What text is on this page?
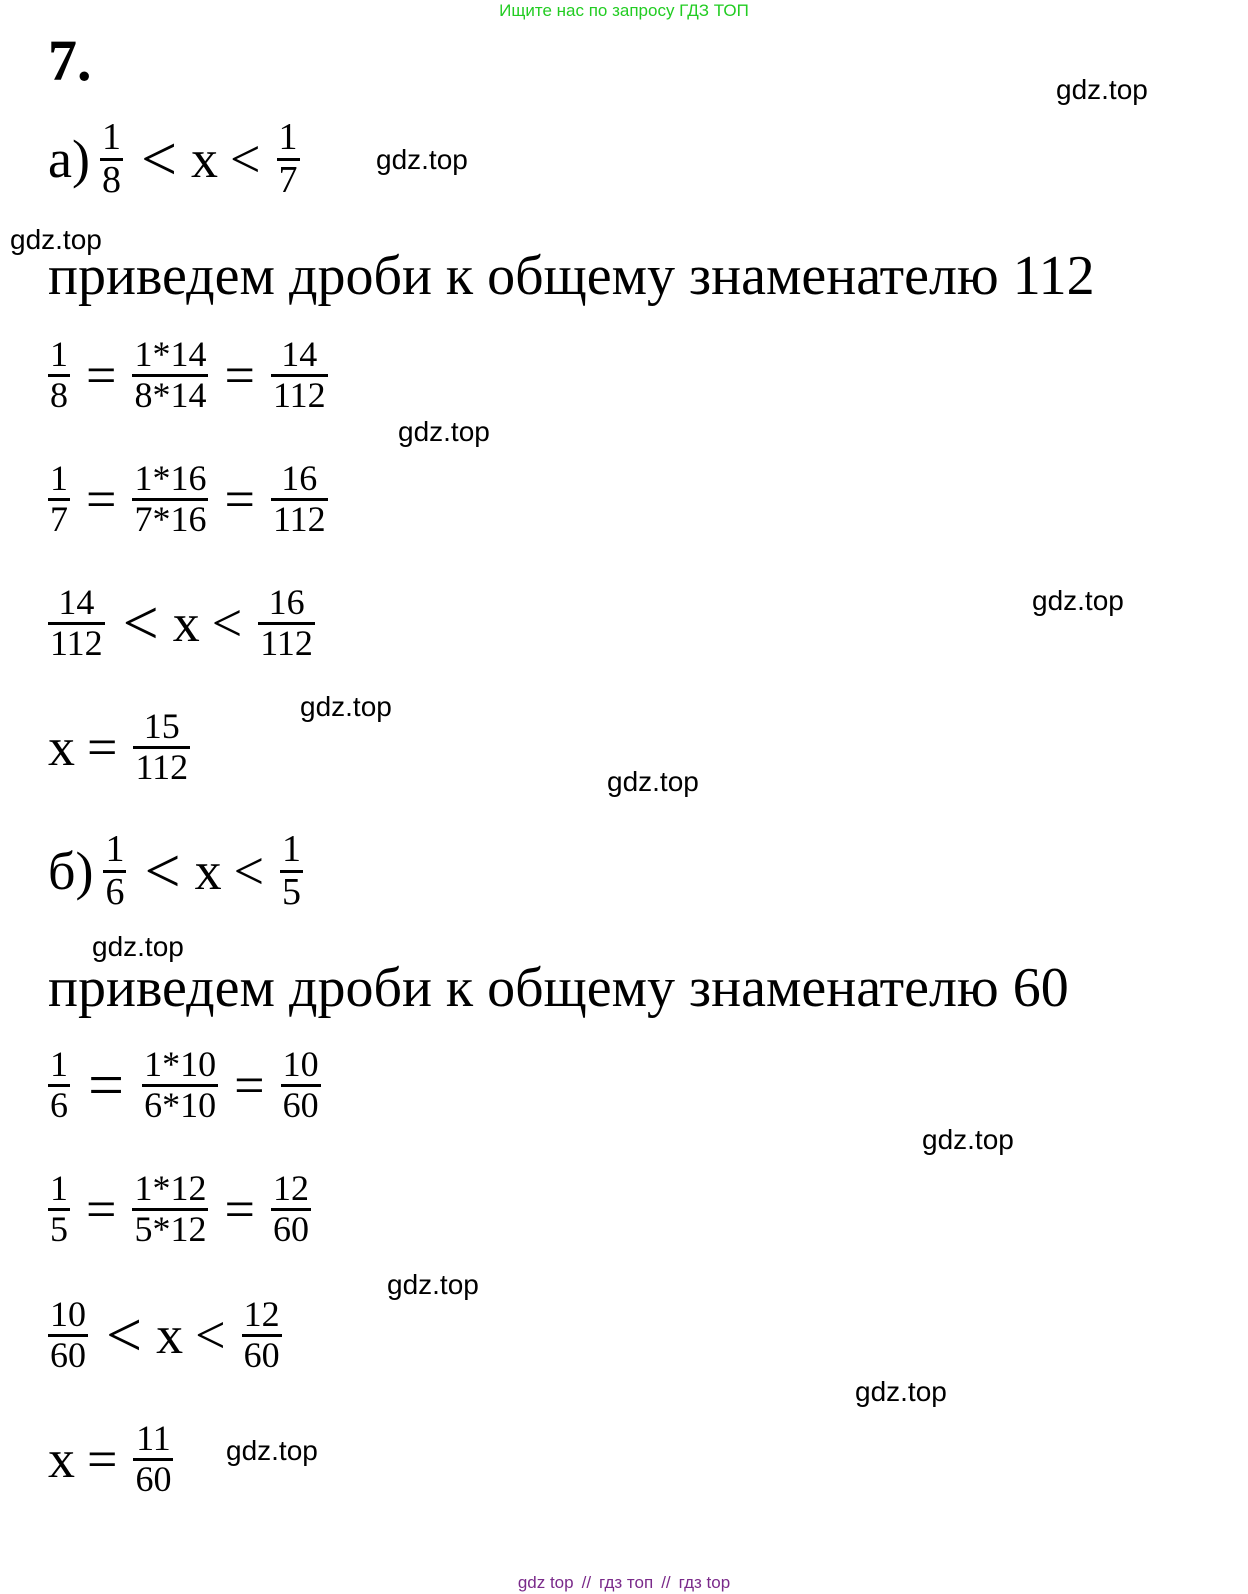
Ищите нас по запросу ГДЗ ТОП
7.	gdz.top
gdz.top
gdz.top
gdz.top
gdz.top
gdz.top
gdz.top
gdz.top
gdz.top
gdz.top
gdz.top
gdz.top
$а) \frac{1}{8} < x < \frac{1}{7}$
приведем дроби к общему знаменателю 112
$\frac{1}{8} = \frac{1*14}{8*14} = \frac{14}{112}$
$\frac{1}{7} = \frac{1*16}{7*16} = \frac{16}{112}$
$\frac{14}{112} < x < \frac{16}{112}$
$x = \frac{15}{112}$
$б) \frac{1}{6} < x < \frac{1}{5}$
приведем дроби к общему знаменателю 60
$\frac{1}{6} = \frac{1*10}{6*10} = \frac{10}{60}$
$\frac{1}{5} = \frac{1*12}{5*12} = \frac{12}{60}$
$\frac{10}{60} < x < \frac{12}{60}$
$x = \frac{11}{60}$
gdz top // гдз топ // гдз top
